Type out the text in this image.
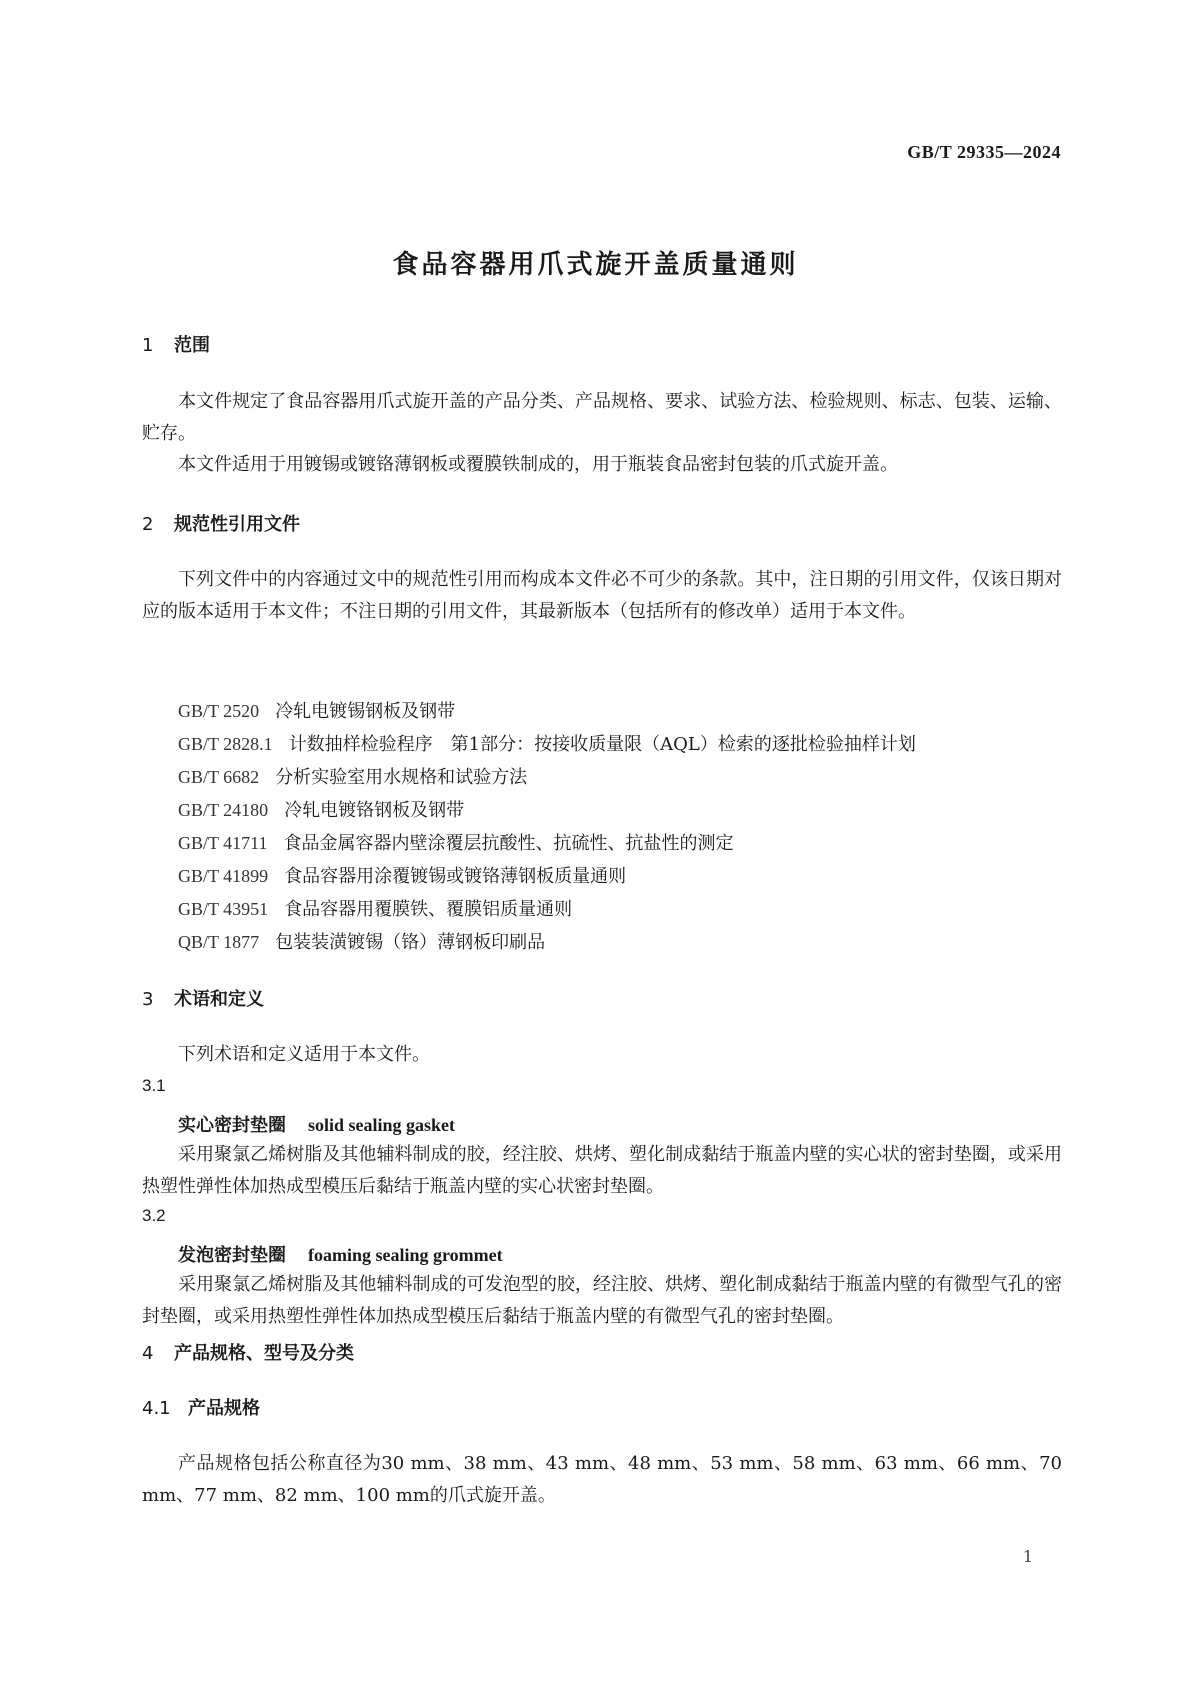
GB/T 29335—2024
食品容器用爪式旋开盖质量通则
1 范围
本文件规定了食品容器用爪式旋开盖的产品分类、产品规格、要求、试验方法、检验规则、标志、包装、运输、贮存。
本文件适用于用镀锡或镀铬薄钢板或覆膜铁制成的，用于瓶装食品密封包装的爪式旋开盖。
2 规范性引用文件
下列文件中的内容通过文中的规范性引用而构成本文件必不可少的条款。其中，注日期的引用文件，仅该日期对应的版本适用于本文件；不注日期的引用文件，其最新版本（包括所有的修改单）适用于本文件。
GB/T 2520 冷轧电镀锡钢板及钢带
GB/T 2828.1 计数抽样检验程序　第1部分：按接收质量限（AQL）检索的逐批检验抽样计划
GB/T 6682 分析实验室用水规格和试验方法
GB/T 24180 冷轧电镀铬钢板及钢带
GB/T 41711 食品金属容器内壁涂覆层抗酸性、抗硫性、抗盐性的测定
GB/T 41899 食品容器用涂覆镀锡或镀铬薄钢板质量通则
GB/T 43951 食品容器用覆膜铁、覆膜铝质量通则
QB/T 1877 包装装潢镀锡（铬）薄钢板印刷品
3 术语和定义
下列术语和定义适用于本文件。
3.1
实心密封垫圈 solid sealing gasket
采用聚氯乙烯树脂及其他辅料制成的胶，经注胶、烘烤、塑化制成黏结于瓶盖内壁的实心状的密封垫圈，或采用热塑性弹性体加热成型模压后黏结于瓶盖内壁的实心状密封垫圈。
3.2
发泡密封垫圈 foaming sealing grommet
采用聚氯乙烯树脂及其他辅料制成的可发泡型的胶，经注胶、烘烤、塑化制成黏结于瓶盖内壁的有微型气孔的密封垫圈，或采用热塑性弹性体加热成型模压后黏结于瓶盖内壁的有微型气孔的密封垫圈。
4 产品规格、型号及分类
4.1 产品规格
产品规格包括公称直径为30 mm、38 mm、43 mm、48 mm、53 mm、58 mm、63 mm、66 mm、70 mm、77 mm、82 mm、100 mm的爪式旋开盖。
1
